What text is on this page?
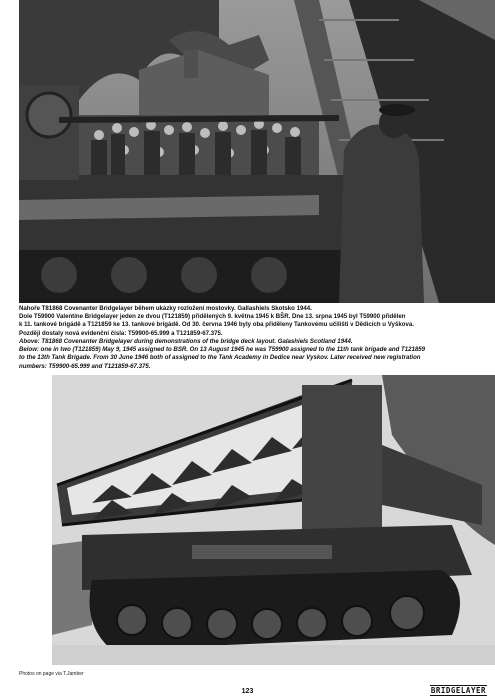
Nahoře T81868 Covenanter Bridgelayer během ukázky rozložení mostovky. Gallashiels Skotsko 1944.

Dole T59900 Valentine Bridgelayer jeden ze dvou (T121859) přidělených 9. května 1945 k BŠR. Dne 13. srpna 1945 byl T59900 přidělen

k 11. tankové brigádě a T121859 ke 13. tankové brigádě. Od 30. června 1946 byly oba přiděleny Tankovému učilišti v Dědicích u Vyškova.

Později dostaly nová evidenční čísla: T59900-65.999 a T121859-67.375.

Above: T81868 Covenanter Bridgelayer during demonstrations of the bridge deck layout. Galashiels Scotland 1944.

Below: one in two (T121859) May 9, 1945 assigned to BSR. On 13 August 1945 he was T59900 assigned to the 11th tank brigade and T121859

to the 13th Tank Brigade. From 30 June 1946 both of assigned to the Tank Academy in Dedice near Vyskov. Later received new registration

numbers: T59900-65.999 and T121859-67.375.

Photos on page via T.Jamber
123	BRIDGELAYER
